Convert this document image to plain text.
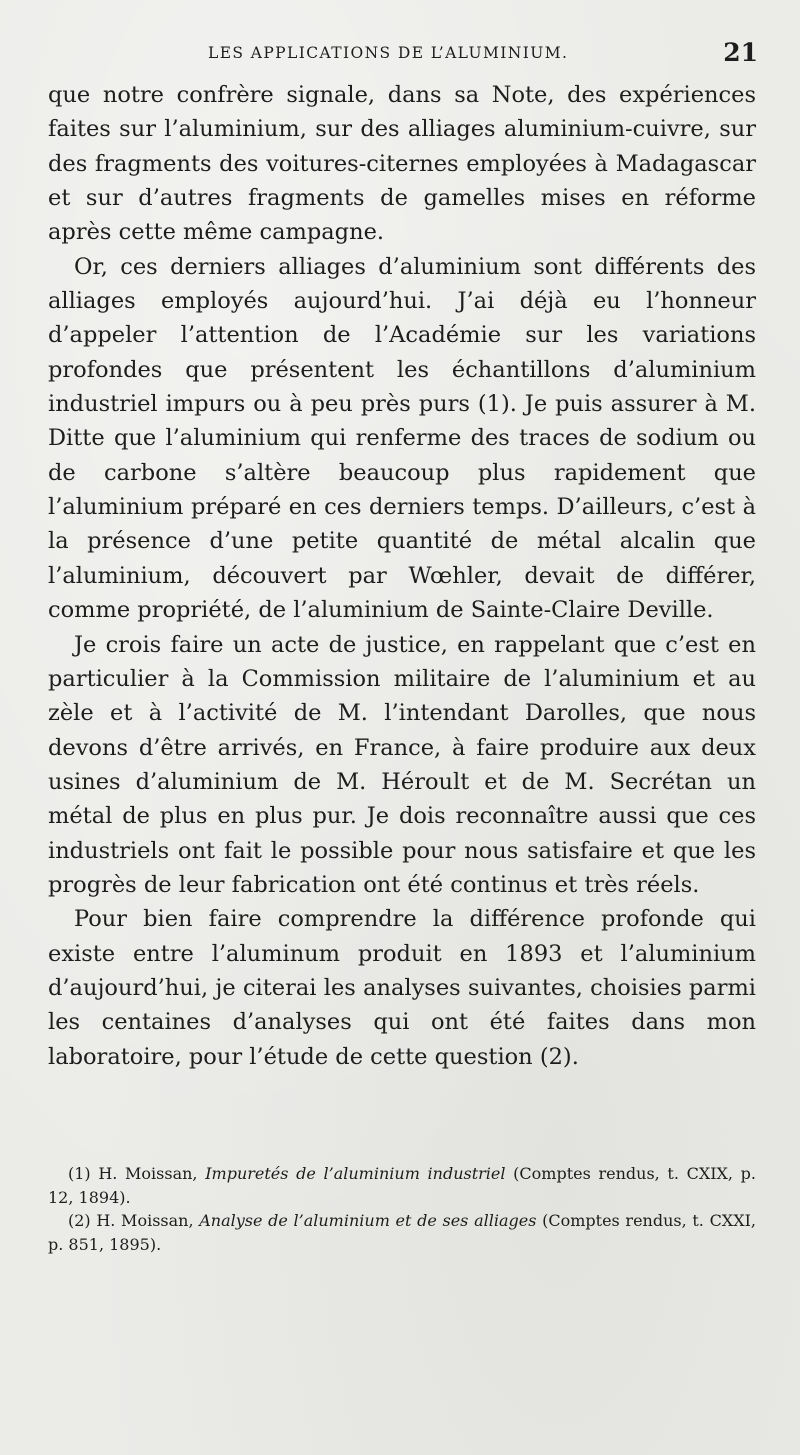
LES APPLICATIONS DE L’ALUMINIUM.	21

que notre confrère signale, dans sa Note, des expériences faites sur l’aluminium, sur des alliages aluminium-cuivre, sur des fragments des voitures-citernes employées à Madagascar et sur d’autres fragments de gamelles mises en réforme après cette même campagne.

Or, ces derniers alliages d’aluminium sont différents des alliages employés aujourd’hui. J’ai déjà eu l’honneur d’appeler l’attention de l’Académie sur les variations profondes que présentent les échantillons d’aluminium industriel impurs ou à peu près purs (1). Je puis assurer à M. Ditte que l’aluminium qui renferme des traces de sodium ou de carbone s’altère beaucoup plus rapidement que l’aluminium préparé en ces derniers temps. D’ailleurs, c’est à la présence d’une petite quantité de métal alcalin que l’aluminium, découvert par Wœhler, devait de différer, comme propriété, de l’aluminium de Sainte-Claire Deville.

Je crois faire un acte de justice, en rappelant que c’est en particulier à la Commission militaire de l’aluminium et au zèle et à l’activité de M. l’intendant Darolles, que nous devons d’être arrivés, en France, à faire produire aux deux usines d’aluminium de M. Héroult et de M. Secrétan un métal de plus en plus pur. Je dois reconnaître aussi que ces industriels ont fait le possible pour nous satisfaire et que les progrès de leur fabrication ont été continus et très réels.

Pour bien faire comprendre la différence profonde qui existe entre l’aluminum produit en 1893 et l’aluminium d’aujourd’hui, je citerai les analyses suivantes, choisies parmi les centaines d’analyses qui ont été faites dans mon laboratoire, pour l’étude de cette question (2).

(1) H. Moissan, Impuretés de l’aluminium industriel (Comptes rendus, t. CXIX, p. 12, 1894).

(2) H. Moissan, Analyse de l’aluminium et de ses alliages (Comptes rendus, t. CXXI, p. 851, 1895).
